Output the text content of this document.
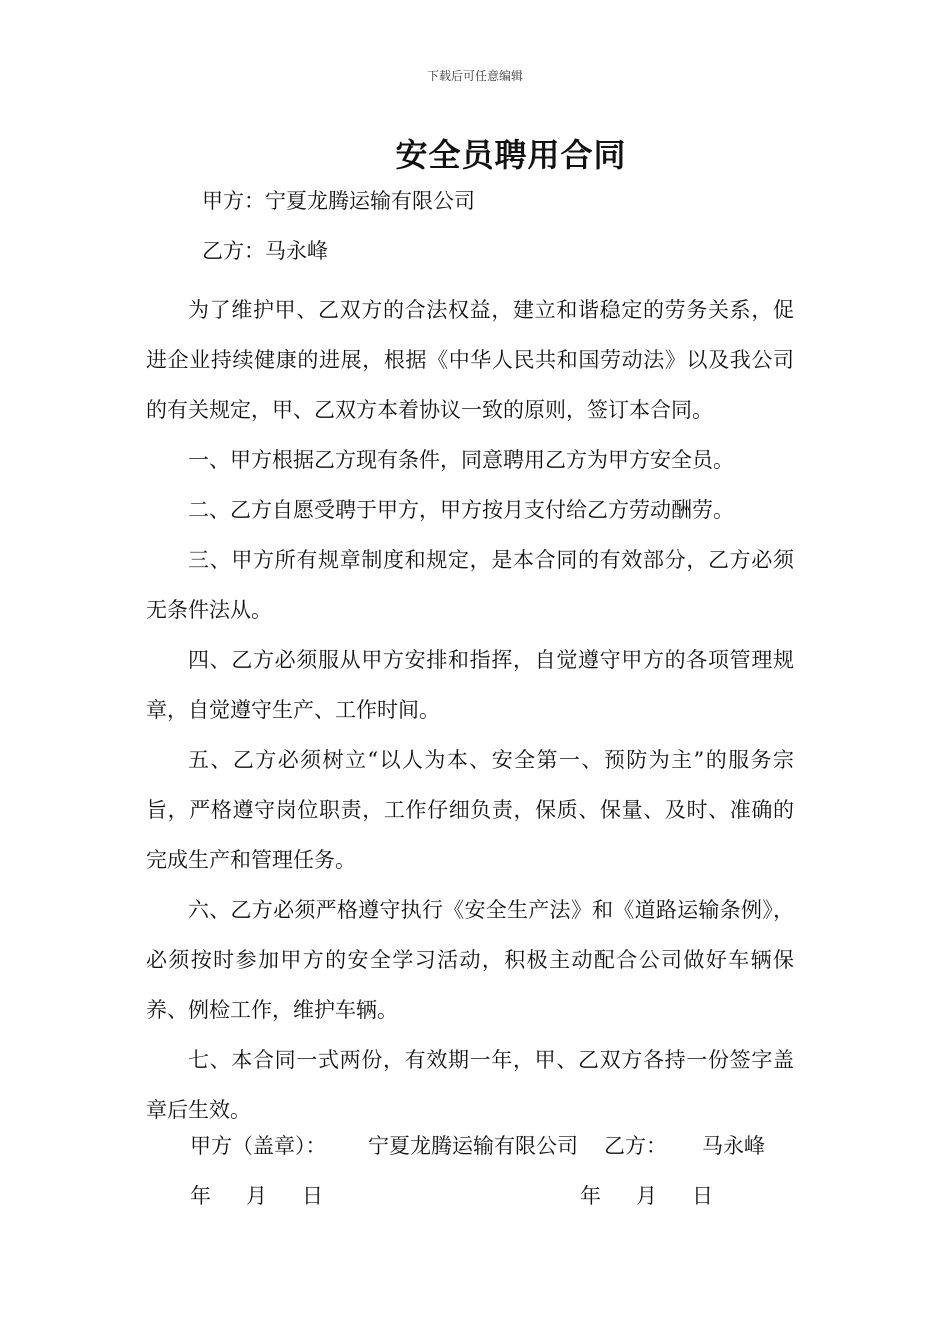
下载后可任意编辑
安全员聘用合同
甲方：宁夏龙腾运输有限公司
乙方：马永峰

为了维护甲、乙双方的合法权益，建立和谐稳定的劳务关系，促进企业持续健康的进展，根据《中华人民共和国劳动法》以及我公司的有关规定，甲、乙双方本着协议一致的原则，签订本合同。

一、甲方根据乙方现有条件，同意聘用乙方为甲方安全员。

二、乙方自愿受聘于甲方，甲方按月支付给乙方劳动酬劳。

三、甲方所有规章制度和规定，是本合同的有效部分，乙方必须无条件法从。

四、乙方必须服从甲方安排和指挥，自觉遵守甲方的各项管理规章，自觉遵守生产、工作时间。

五、乙方必须树立“以人为本、安全第一、预防为主”的服务宗旨，严格遵守岗位职责，工作仔细负责，保质、保量、及时、准确的完成生产和管理任务。

六、乙方必须严格遵守执行《安全生产法》和《道路运输条例》，必须按时参加甲方的安全学习活动，积极主动配合公司做好车辆保养、例检工作，维护车辆。

七、本合同一式两份，有效期一年，甲、乙双方各持一份签字盖章后生效。

甲方（盖章）： 宁夏龙腾运输有限公司 乙方： 马永峰
年 月 日	年 月 日
